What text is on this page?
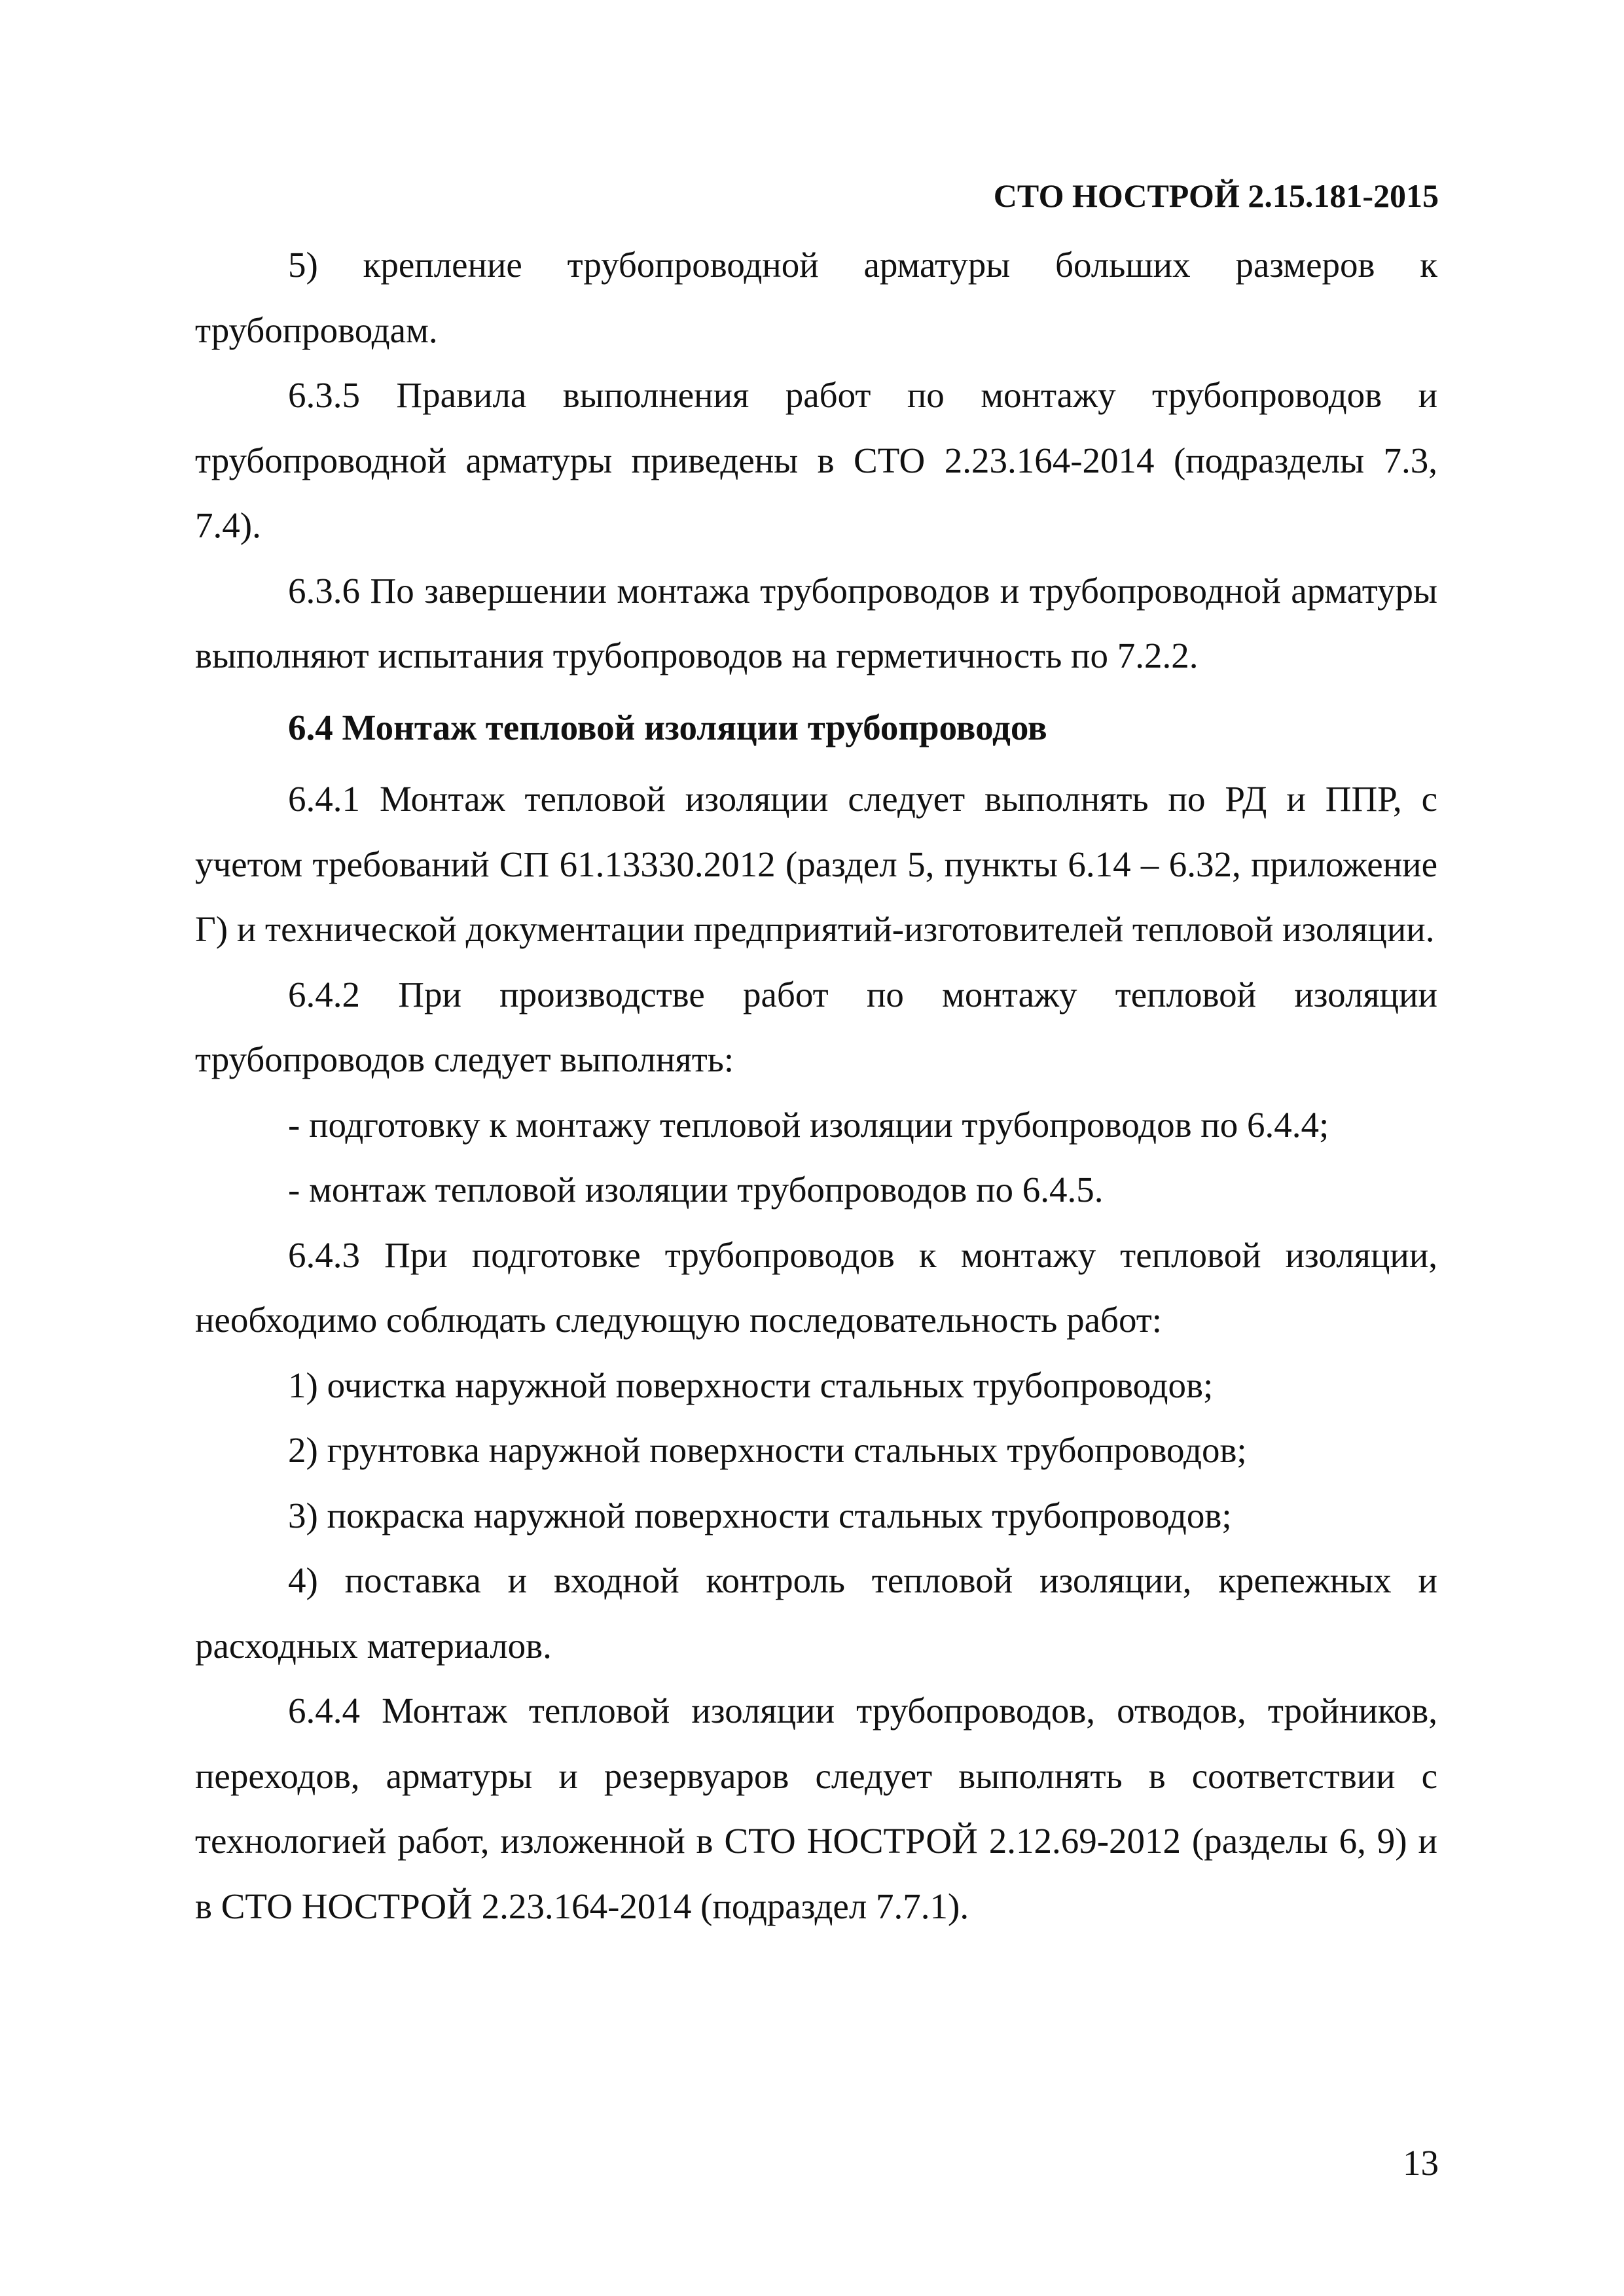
СТО НОСТРОЙ 2.15.181-2015

5) крепление трубопроводной арматуры больших размеров к трубопроводам.

6.3.5 Правила выполнения работ по монтажу трубопроводов и трубопроводной арматуры приведены в СТО 2.23.164-2014 (подразделы 7.3, 7.4).

6.3.6 По завершении монтажа трубопроводов и трубопроводной арматуры выполняют испытания трубопроводов на герметичность по 7.2.2.

6.4 Монтаж тепловой изоляции трубопроводов

6.4.1 Монтаж тепловой изоляции следует выполнять по РД и ППР, с учетом требований СП 61.13330.2012 (раздел 5, пункты 6.14 – 6.32, приложение Г) и технической документации предприятий-изготовителей тепловой изоляции.

6.4.2 При производстве работ по монтажу тепловой изоляции трубопроводов следует выполнять:

- подготовку к монтажу тепловой изоляции трубопроводов по 6.4.4;

- монтаж тепловой изоляции трубопроводов по 6.4.5.

6.4.3 При подготовке трубопроводов к монтажу тепловой изоляции, необходимо соблюдать следующую последовательность работ:

1) очистка наружной поверхности стальных трубопроводов;

2) грунтовка наружной поверхности стальных трубопроводов;

3) покраска наружной поверхности стальных трубопроводов;

4) поставка и входной контроль тепловой изоляции, крепежных и расходных материалов.

6.4.4 Монтаж тепловой изоляции трубопроводов, отводов, тройников, переходов, арматуры и резервуаров следует выполнять в соответствии с технологией работ, изложенной в СТО НОСТРОЙ 2.12.69-2012 (разделы 6, 9) и в СТО НОСТРОЙ 2.23.164-2014 (подраздел 7.7.1).

13
